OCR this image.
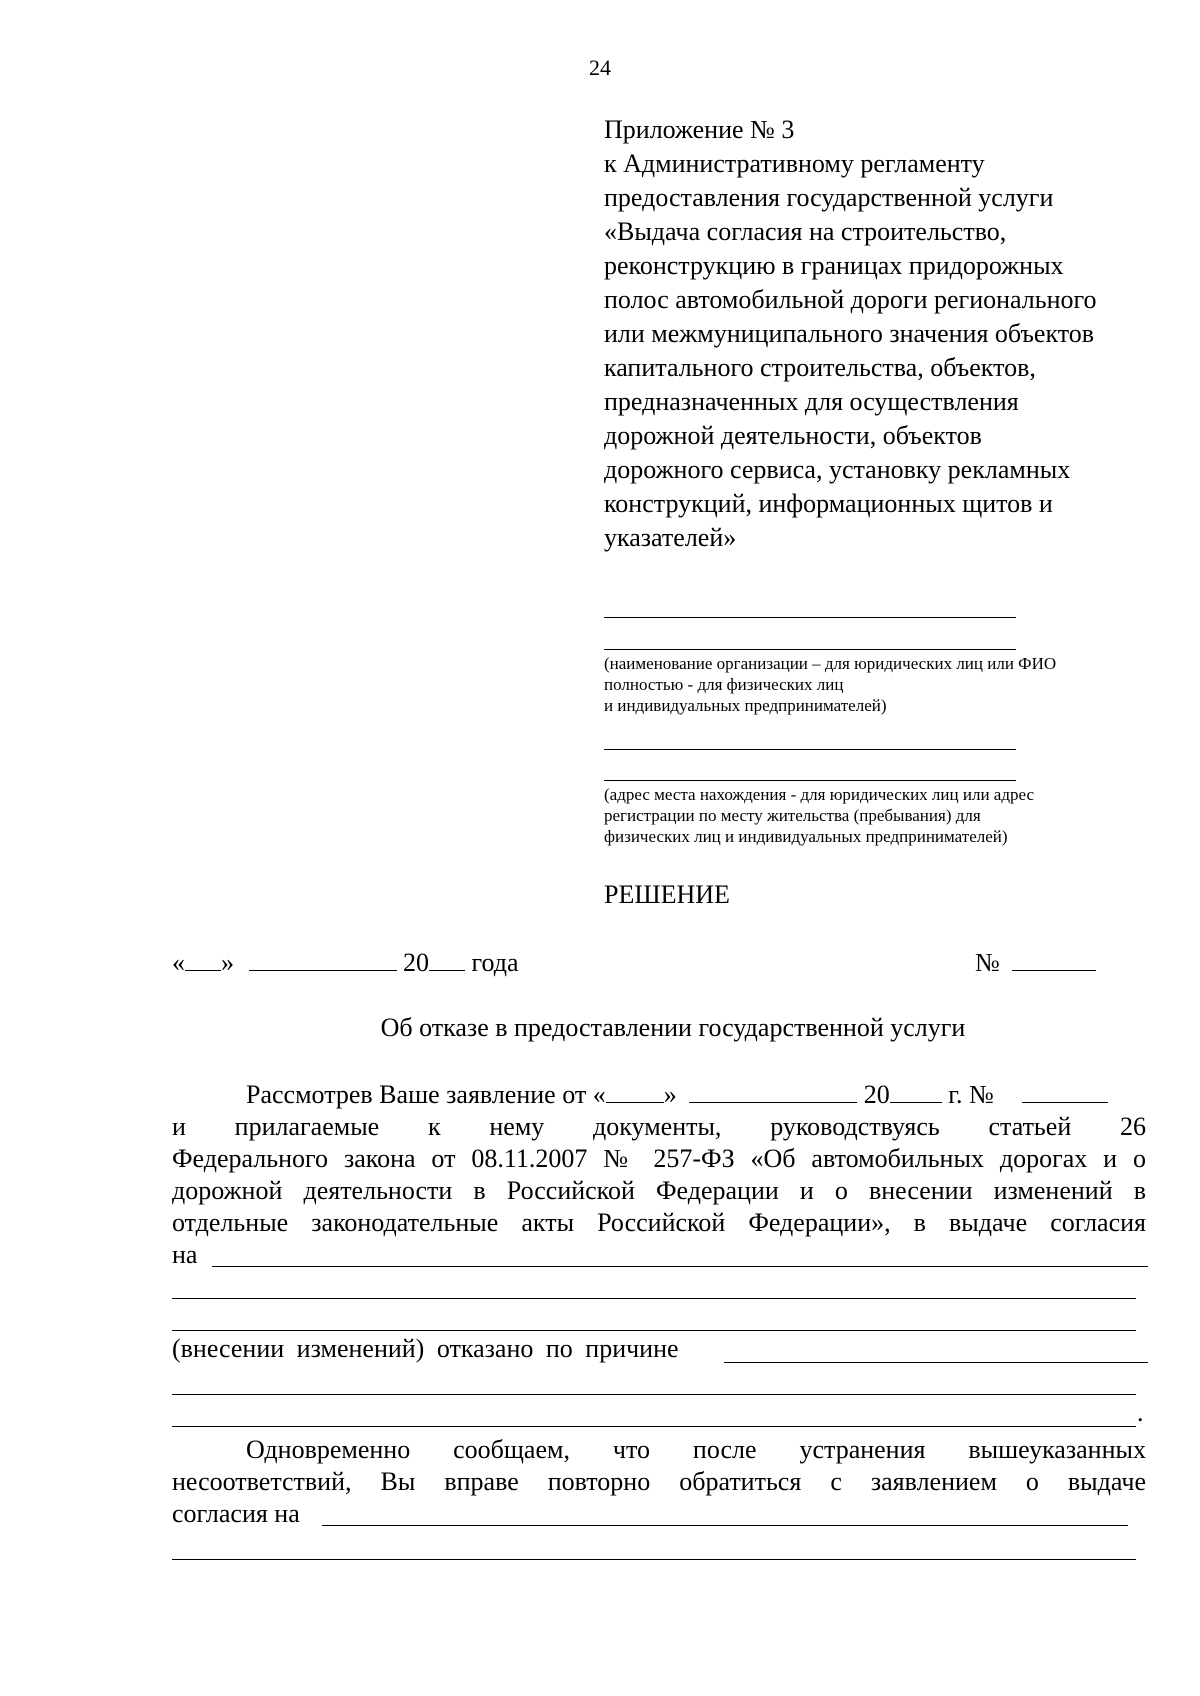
24
Приложение № 3
к Административному регламенту
предоставления государственной услуги
«Выдача согласия на строительство,
реконструкцию в границах придорожных
полос автомобильной дороги регионального
или межмуниципального значения объектов
капитального строительства, объектов,
предназначенных для осуществления
дорожной деятельности, объектов
дорожного сервиса, установку рекламных
конструкций, информационных щитов и
указателей»
(наименование организации – для юридических лиц или ФИО
полностью - для физических лиц
и индивидуальных предпринимателей)
(адрес места нахождения - для юридических лиц или адрес
регистрации по месту жительства (пребывания) для
физических лиц и индивидуальных предпринимателей)
РЕШЕНИЕ
« »	20 года	№
Об отказе в предоставлении государственной услуги
Рассмотрев Ваше заявление от « »	20 г. №
и прилагаемые к нему документы, руководствуясь статьей 26
Федерального закона от 08.11.2007 № 257-ФЗ «Об автомобильных дорогах и о
дорожной деятельности в Российской Федерации и о внесении изменений в
отдельные законодательные акты Российской Федерации», в выдаче согласия
на
(внесении изменений) отказано по причине
.
Одновременно сообщаем, что после устранения вышеуказанных
несоответствий, Вы вправе повторно обратиться с заявлением о выдаче
согласия на
